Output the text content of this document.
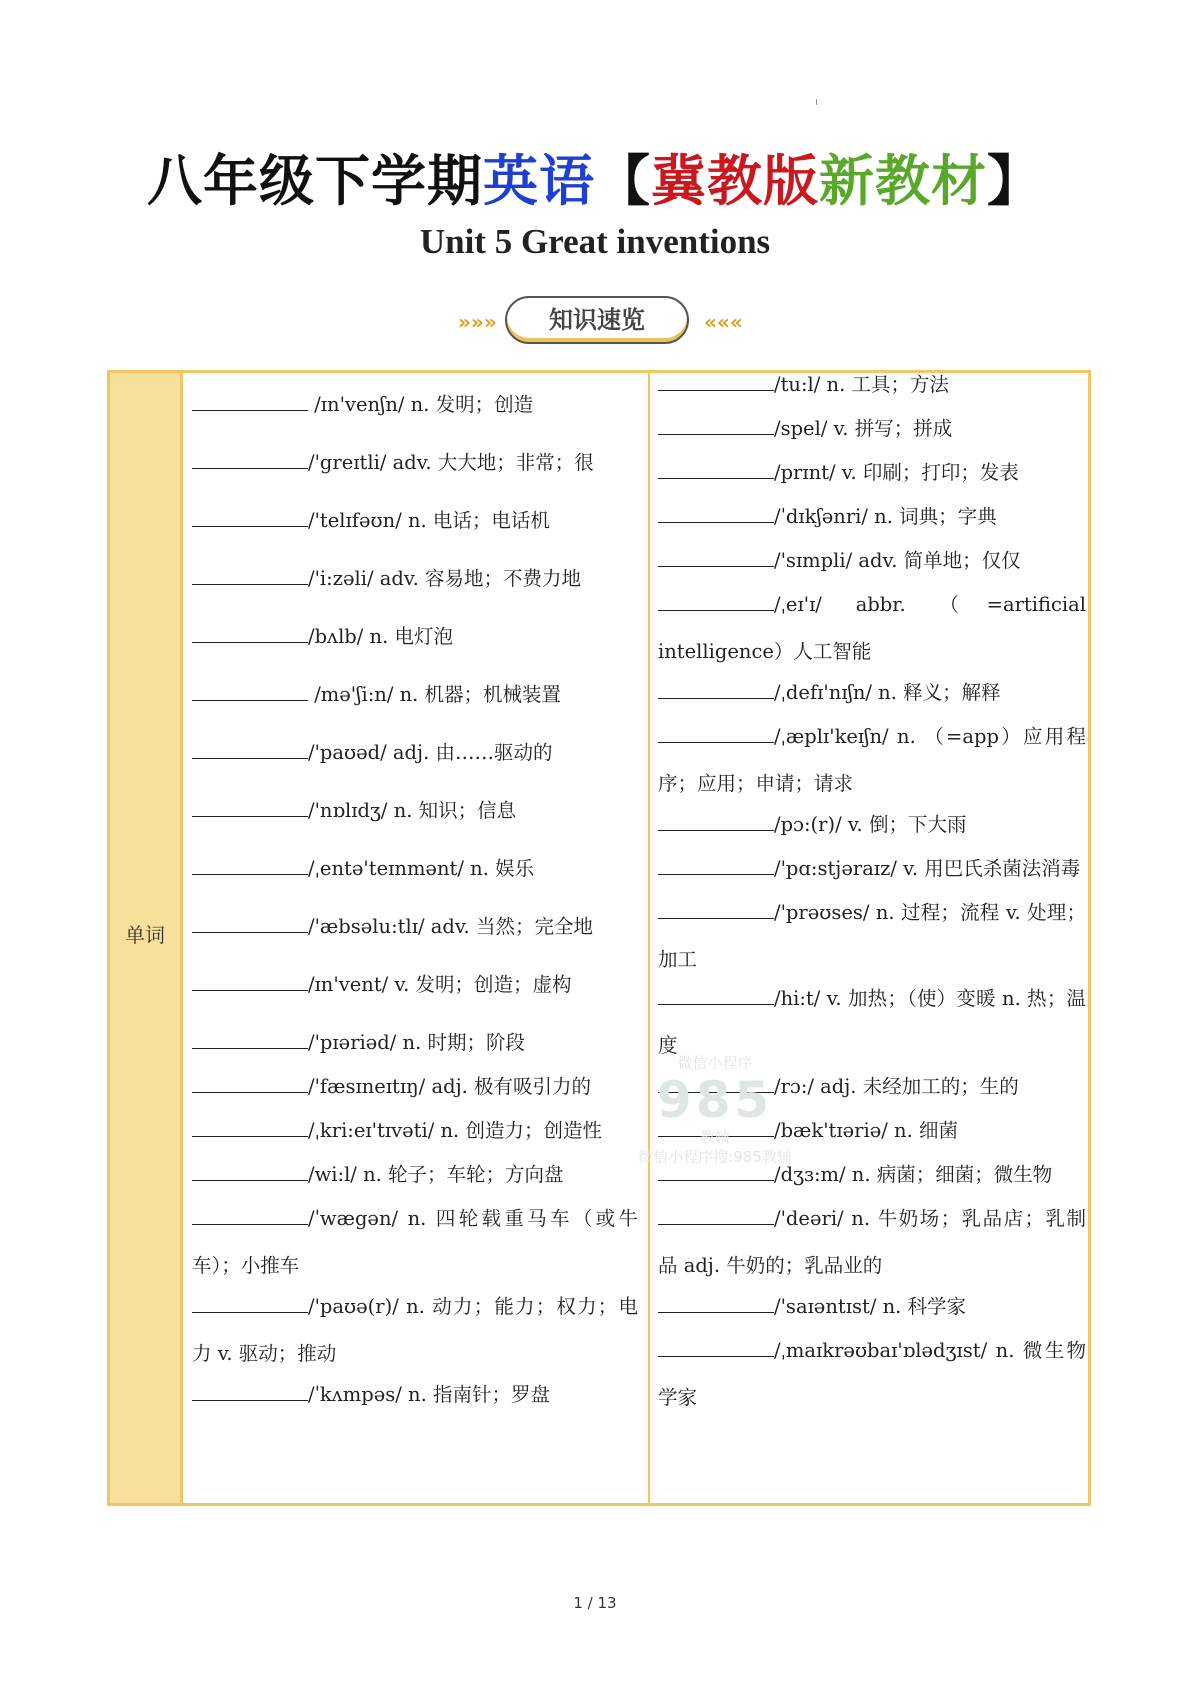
八年级下学期英语【冀教版新教材】
Unit 5 Great inventions
»»»	知识速览	«««
单词
/ɪn'venʃn/ n. 发明；创造
/'greɪtli/ adv. 大大地；非常；很
/'telɪfəʊn/ n. 电话；电话机
/'i:zəli/ adv. 容易地；不费力地
/bʌlb/ n. 电灯泡
/mə'ʃi:n/ n. 机器；机械装置
/'paʊəd/ adj. 由……驱动的
/'nɒlɪdʒ/ n. 知识；信息
/ˌentə'teɪnmənt/ n. 娱乐
/'æbsəlu:tlɪ/ adv. 当然；完全地
/ɪn'vent/ v. 发明；创造；虚构
/'pɪəriəd/ n. 时期；阶段
/'fæsɪneɪtɪŋ/ adj. 极有吸引力的
/ˌkri:eɪ'tɪvəti/ n. 创造力；创造性
/wi:l/ n. 轮子；车轮；方向盘
/ˈwægən/ n. 四轮载重马车（或牛车）；小推车
/'paʊə(r)/ n. 动力；能力；权力；电力 v. 驱动；推动
/ˈkʌmpəs/ n. 指南针；罗盘
/tu:l/ n. 工具；方法
/spel/ v. 拼写；拼成
/prɪnt/ v. 印刷；打印；发表
/ˈdɪkʃənri/ n. 词典；字典
/'sɪmpli/ adv. 简单地；仅仅
/ˌeɪ'ɪ/ abbr. （=artificial intelligence）人工智能
/ˌdefɪ'nɪʃn/ n. 释义；解释
/ˌæplɪ'keɪʃn/ n. （=app）应用程序；应用；申请；请求
/pɔ:(r)/ v. 倒；下大雨
/'pɑ:stjəraɪz/ v. 用巴氏杀菌法消毒
/'prəʊses/ n. 过程；流程 v. 处理；加工
/hi:t/ v. 加热；（使）变暖 n. 热；温度
/rɔ:/ adj. 未经加工的；生的
/bæk'tɪəriə/ n. 细菌
/dʒɜ:m/ n. 病菌；细菌；微生物
/'deəri/ n. 牛奶场；乳品店；乳制品 adj. 牛奶的；乳品业的
/'saɪəntɪst/ n. 科学家
/ˌmaɪkrəʊbaɪ'ɒlədʒɪst/ n. 微生物学家
微信小程序
985
教辅
微信小程序搜:985教辅
1 / 13
